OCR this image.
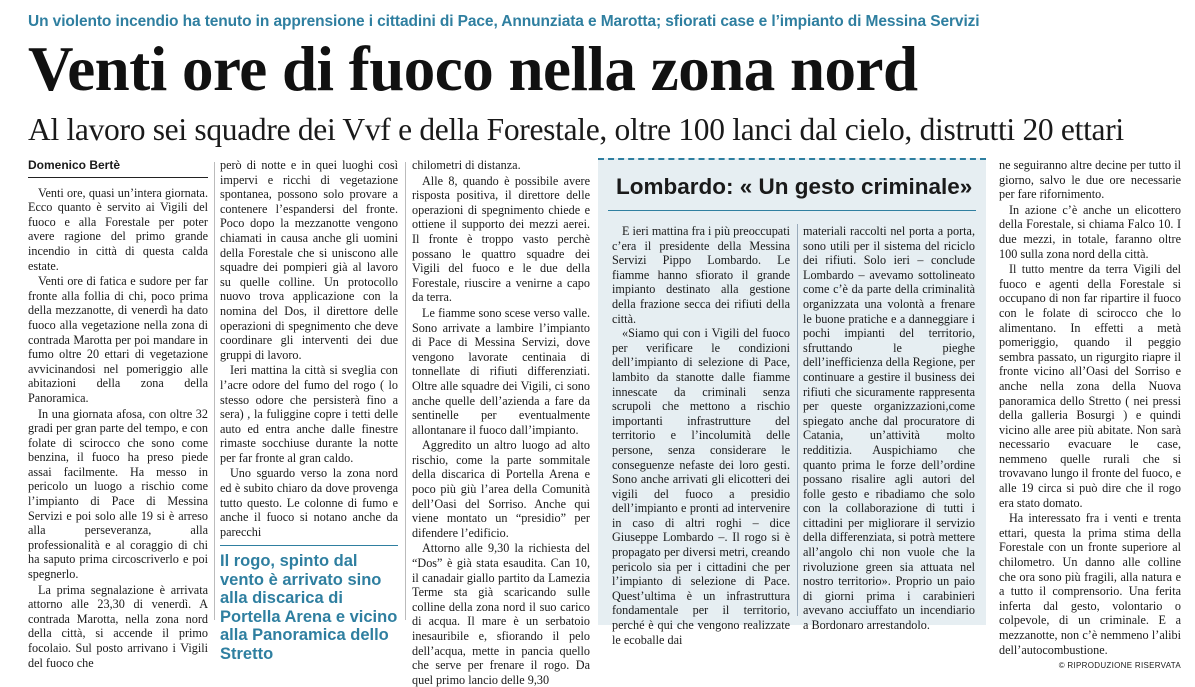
Un violento incendio ha tenuto in apprensione i cittadini di Pace, Annunziata e Marotta; sfiorati case e l’impianto di Messina Servizi
Venti ore di fuoco nella zona nord
Al lavoro sei squadre dei Vvf e della Forestale, oltre 100 lanci dal cielo, distrutti 20 ettari
Domenico Bertè

Venti ore, quasi un’intera giornata. Ecco quanto è servito ai Vigili del fuoco e alla Forestale per poter avere ragione del primo grande incendio in città di questa calda estate.

Venti ore di fatica e sudore per far fronte alla follia di chi, poco prima della mezzanotte, di venerdì ha dato fuoco alla vegetazione nella zona di contrada Marotta per poi mandare in fumo oltre 20 ettari di vegetazione avvicinandosi nel pomeriggio alle abitazioni della zona della Panoramica.

In una giornata afosa, con oltre 32 gradi per gran parte del tempo, e con folate di scirocco che sono come benzina, il fuoco ha preso piede assai facilmente. Ha messo in pericolo un luogo a rischio come l’impianto di Pace di Messina Servizi e poi solo alle 19 si è arreso alla perseveranza, alla professionalità e al coraggio di chi ha saputo prima circoscriverlo e poi spegnerlo.

La prima segnalazione è arrivata attorno alle 23,30 di venerdì. A contrada Marotta, nella zona nord della città, si accende il primo focolaio. Sul posto arrivano i Vigili del fuoco che

però di notte e in quei luoghi così impervi e ricchi di vegetazione spontanea, possono solo provare a contenere l’espandersi del fronte. Poco dopo la mezzanotte vengono chiamati in causa anche gli uomini della Forestale che si uniscono alle squadre dei pompieri già al lavoro su quelle colline. Un protocollo nuovo trova applicazione con la nomina del Dos, il direttore delle operazioni di spegnimento che deve coordinare gli interventi dei due gruppi di lavoro.

Ieri mattina la città si sveglia con l’acre odore del fumo del rogo ( lo stesso odore che persisterà fino a sera) , la fuliggine copre i tetti delle auto ed entra anche dalle finestre rimaste socchiuse durante la notte per far fronte al gran caldo.

Uno sguardo verso la zona nord ed è subito chiaro da dove provenga tutto questo. Le colonne di fumo e anche il fuoco si notano anche da parecchi

Il rogo, spinto dal vento è arrivato sino alla discarica di Portella Arena e vicino alla Panoramica dello Stretto

chilometri di distanza.

Alle 8, quando è possibile avere risposta positiva, il direttore delle operazioni di spegnimento chiede e ottiene il supporto dei mezzi aerei. Il fronte è troppo vasto perchè possano le quattro squadre dei Vigili del fuoco e le due della Forestale, riuscire a venirne a capo da terra.

Le fiamme sono scese verso valle. Sono arrivate a lambire l’impianto di Pace di Messina Servizi, dove vengono lavorate centinaia di tonnellate di rifiuti differenziati. Oltre alle squadre dei Vigili, ci sono anche quelle dell’azienda a fare da sentinelle per eventualmente allontanare il fuoco dall’impianto.

Aggredito un altro luogo ad alto rischio, come la parte sommitale della discarica di Portella Arena e poco più giù l’area della Comunità dell’Oasi del Sorriso. Anche qui viene montato un “presidio” per difendere l’edificio.

Attorno alle 9,30 la richiesta del “Dos” è già stata esaudita. Can 10, il canadair giallo partito da Lamezia Terme sta già scaricando sulle colline della zona nord il suo carico di acqua. Il mare è un serbatoio inesauribile e, sfiorando il pelo dell’acqua, mette in pancia quello che serve per frenare il rogo. Da quel primo lancio delle 9,30

Lombardo: « Un gesto criminale»

E ieri mattina fra i più preoccupati c’era il presidente della Messina Servizi Pippo Lombardo. Le fiamme hanno sfiorato il grande impianto destinato alla gestione della frazione secca dei rifiuti della città.

«Siamo qui con i Vigili del fuoco per verificare le condizioni dell’impianto di selezione di Pace, lambito da stanotte dalle fiamme innescate da criminali senza scrupoli che mettono a rischio importanti infrastrutture del territorio e l’incolumità delle persone, senza considerare le conseguenze nefaste dei loro gesti. Sono anche arrivati gli elicotteri dei vigili del fuoco a presidio dell’impianto e pronti ad intervenire in caso di altri roghi – dice Giuseppe Lombardo –. Il rogo si è propagato per diversi metri, creando pericolo sia per i cittadini che per l’impianto di selezione di Pace. Quest’ultima è un infrastruttura fondamentale per il territorio, perché è qui che vengono realizzate le ecoballe dai

materiali raccolti nel porta a porta, sono utili per il sistema del riciclo dei rifiuti. Solo ieri – conclude Lombardo – avevamo sottolineato come c’è da parte della criminalità organizzata una volontà a frenare le buone pratiche e a danneggiare i pochi impianti del territorio, sfruttando le pieghe dell’inefficienza della Regione, per continuare a gestire il business dei rifiuti che sicuramente rappresenta per queste organizzazioni,come spiegato anche dal procuratore di Catania, un’attività molto redditizia. Auspichiamo che quanto prima le forze dell’ordine possano risalire agli autori del folle gesto e ribadiamo che solo con la collaborazione di tutti i cittadini per migliorare il servizio della differenziata, si potrà mettere all’angolo chi non vuole che la rivoluzione green sia attuata nel nostro territorio». Proprio un paio di giorni prima i carabinieri avevano acciuffato un incendiario a Bordonaro arrestandolo.

ne seguiranno altre decine per tutto il giorno, salvo le due ore necessarie per fare rifornimento.

In azione c’è anche un elicottero della Forestale, si chiama Falco 10. I due mezzi, in totale, faranno oltre 100 sulla zona nord della città.

Il tutto mentre da terra Vigili del fuoco e agenti della Forestale si occupano di non far ripartire il fuoco con le folate di scirocco che lo alimentano. In effetti a metà pomeriggio, quando il peggio sembra passato, un rigurgito riapre il fronte vicino all’Oasi del Sorriso e anche nella zona della Nuova panoramica dello Stretto ( nei pressi della galleria Bosurgi ) e quindi vicino alle aree più abitate. Non sarà necessario evacuare le case, nemmeno quelle rurali che si trovavano lungo il fronte del fuoco, e alle 19 circa si può dire che il rogo era stato domato.

Ha interessato fra i venti e trenta ettari, questa la prima stima della Forestale con un fronte superiore al chilometro. Un danno alle colline che ora sono più fragili, alla natura e a tutto il comprensorio. Una ferita inferta dal gesto, volontario o colpevole, di un criminale. E a mezzanotte, non c’è nemmeno l’alibi dell’autocombustione.

© RIPRODUZIONE RISERVATA
